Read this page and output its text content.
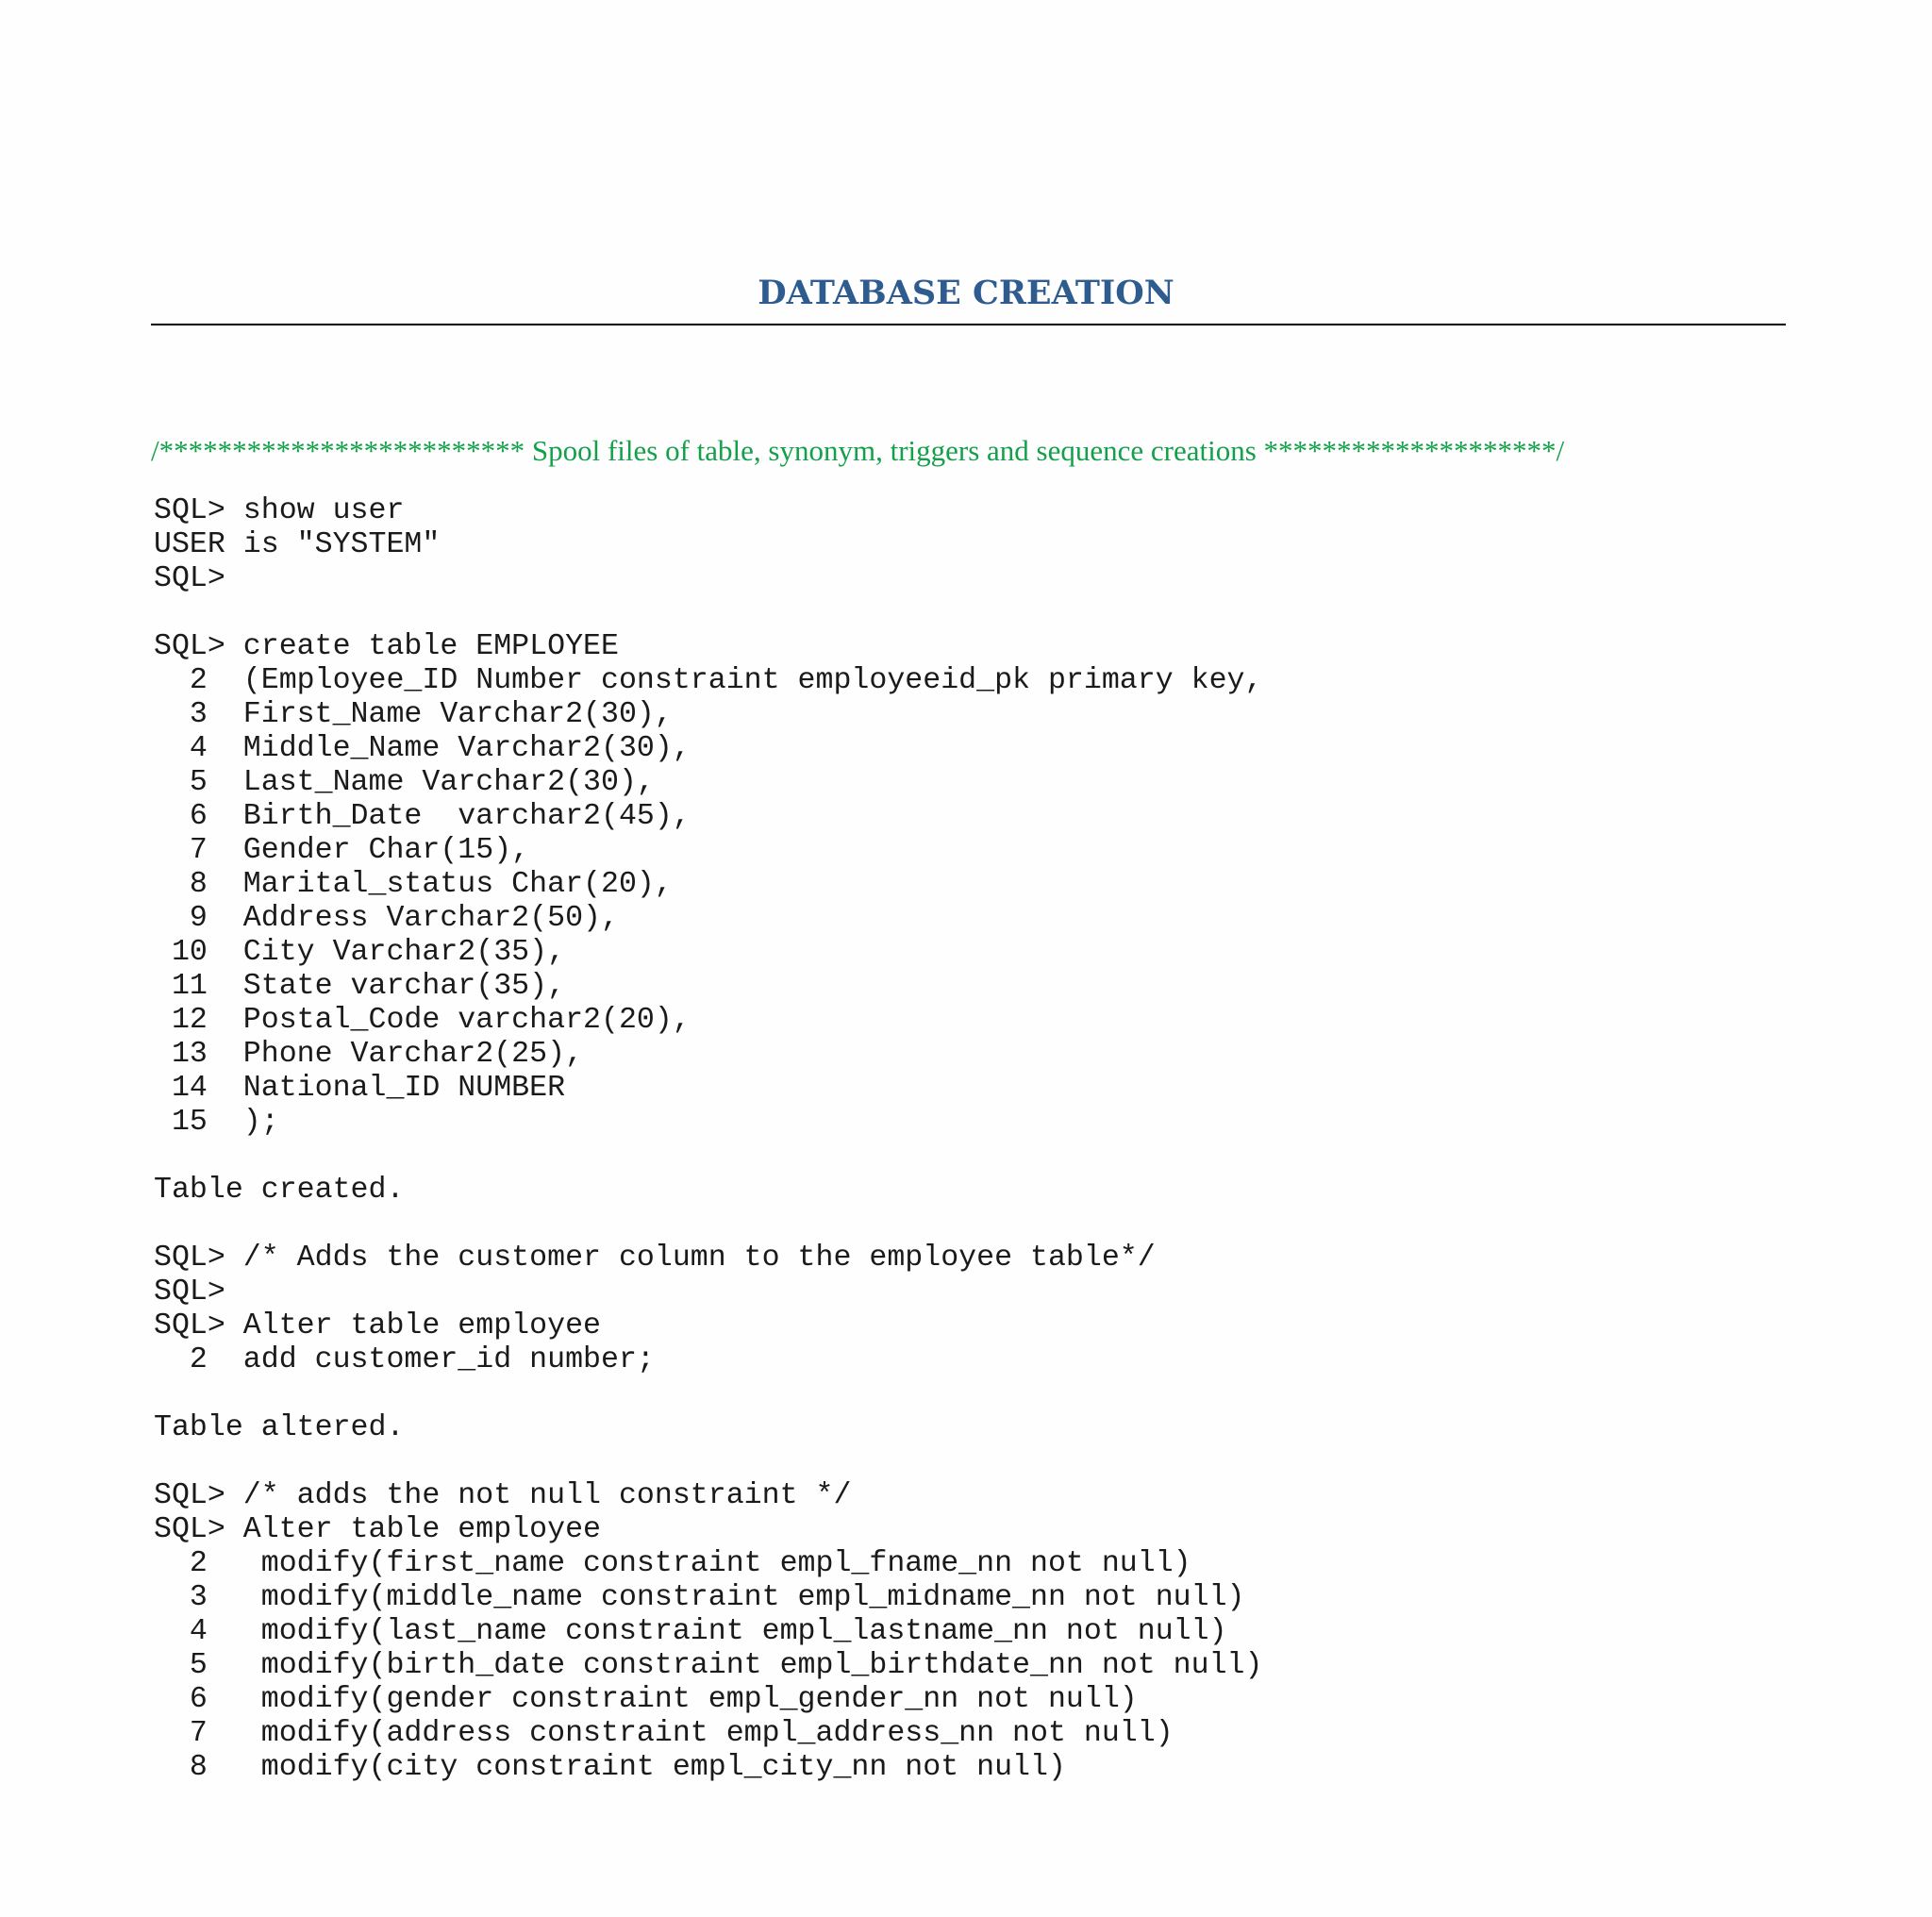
DATABASE CREATION
/************************* Spool files of table, synonym, triggers and sequence creations ********************/
SQL> show user
USER is "SYSTEM"
SQL>
SQL> create table EMPLOYEE
2  (Employee_ID Number constraint employeeid_pk primary key,
3  First_Name Varchar2(30),
4  Middle_Name Varchar2(30),
5  Last_Name Varchar2(30),
6  Birth_Date  varchar2(45),
7  Gender Char(15),
8  Marital_status Char(20),
9  Address Varchar2(50),
10  City Varchar2(35),
11  State varchar(35),
12  Postal_Code varchar2(20),
13  Phone Varchar2(25),
14  National_ID NUMBER
15  );
Table created.
SQL> /* Adds the customer column to the employee table*/
SQL>
SQL> Alter table employee
2  add customer_id number;
Table altered.
SQL> /* adds the not null constraint */
SQL> Alter table employee
2   modify(first_name constraint empl_fname_nn not null)
3   modify(middle_name constraint empl_midname_nn not null)
4   modify(last_name constraint empl_lastname_nn not null)
5   modify(birth_date constraint empl_birthdate_nn not null)
6   modify(gender constraint empl_gender_nn not null)
7   modify(address constraint empl_address_nn not null)
8   modify(city constraint empl_city_nn not null)
